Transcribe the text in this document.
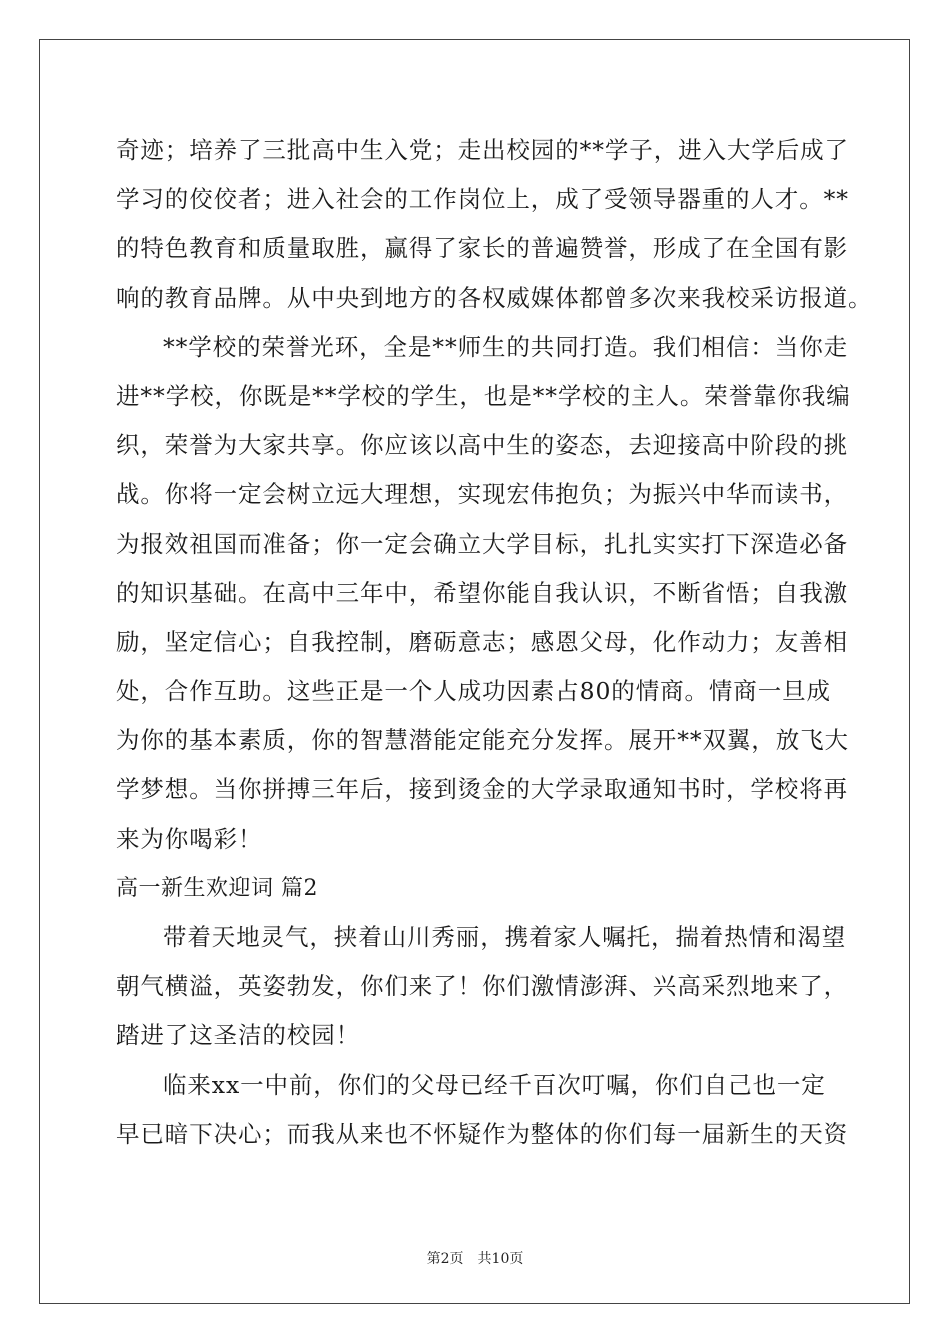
奇迹；培养了三批高中生入党；走出校园的**学子，进入大学后成了
学习的佼佼者；进入社会的工作岗位上，成了受领导器重的人才。**
的特色教育和质量取胜，赢得了家长的普遍赞誉，形成了在全国有影
响的教育品牌。从中央到地方的各权威媒体都曾多次来我校采访报道。
**学校的荣誉光环，全是**师生的共同打造。我们相信：当你走
进**学校，你既是**学校的学生，也是**学校的主人。荣誉靠你我编
织，荣誉为大家共享。你应该以高中生的姿态，去迎接高中阶段的挑
战。你将一定会树立远大理想，实现宏伟抱负；为振兴中华而读书，
为报效祖国而准备；你一定会确立大学目标，扎扎实实打下深造必备
的知识基础。在高中三年中，希望你能自我认识，不断省悟；自我激
励，坚定信心；自我控制，磨砺意志；感恩父母，化作动力；友善相
处，合作互助。这些正是一个人成功因素占80的情商。情商一旦成
为你的基本素质，你的智慧潜能定能充分发挥。展开**双翼，放飞大
学梦想。当你拼搏三年后，接到烫金的大学录取通知书时，学校将再
来为你喝彩！
高一新生欢迎词 篇2
带着天地灵气，挟着山川秀丽，携着家人嘱托，揣着热情和渴望
朝气横溢，英姿勃发，你们来了！你们激情澎湃、兴高采烈地来了，
踏进了这圣洁的校园！
临来xx一中前，你们的父母已经千百次叮嘱，你们自己也一定
早已暗下决心；而我从来也不怀疑作为整体的你们每一届新生的天资
第2页　共10页
